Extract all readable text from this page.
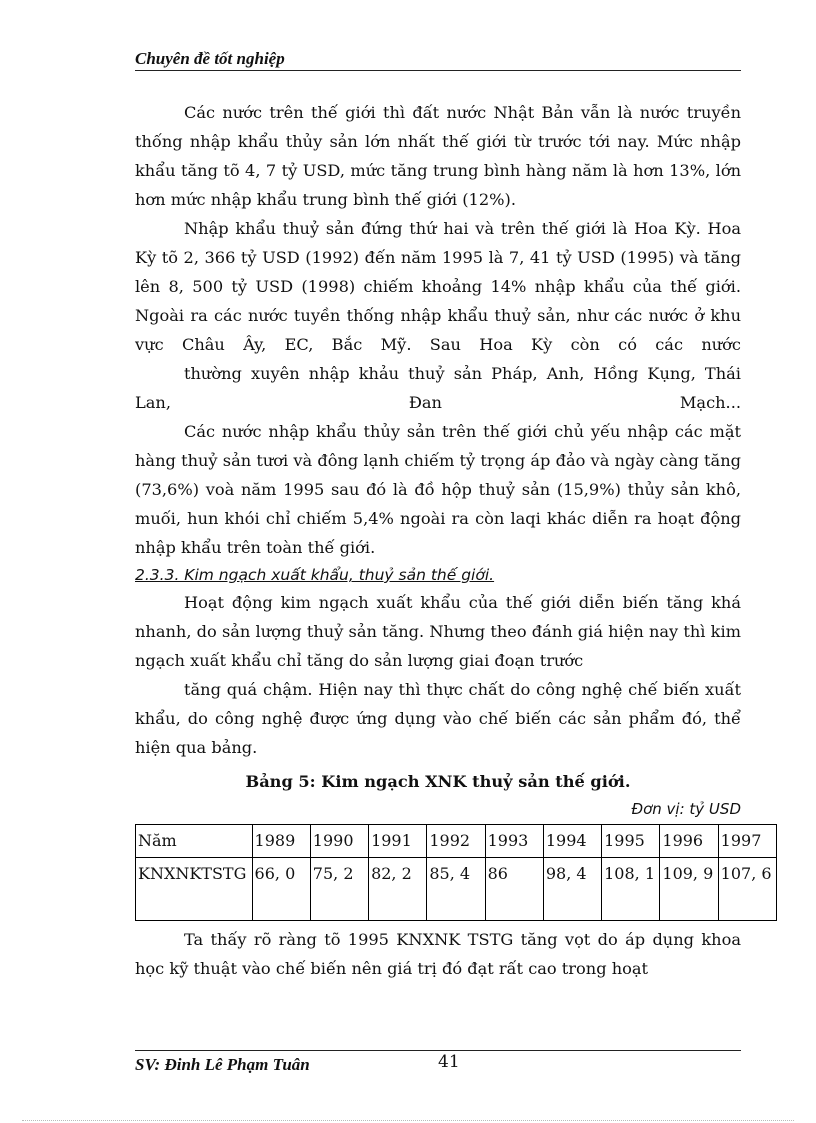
Chuyên đề tốt nghiệp

Các nước trên thế giới thì đất nước Nhật Bản vẫn là nước truyền thống nhập khẩu thủy sản lớn nhất thế giới từ trước tới nay. Mức nhập khẩu tăng tõ 4, 7 tỷ USD, mức tăng trung bình hàng năm là hơn 13%, lớn hơn mức nhập khẩu trung bình thế giới (12%).

Nhập khẩu thuỷ sản đứng thứ hai và trên thế giới là Hoa Kỳ. Hoa Kỳ tõ 2, 366 tỷ USD (1992) đến năm 1995 là 7, 41 tỷ USD (1995) và tăng lên 8, 500 tỷ USD (1998) chiếm khoảng 14% nhập khẩu của thế giới. Ngoài ra các nước tuyền thống nhập khẩu thuỷ sản, như các nước ở khu vực Châu Ây, EC, Bắc Mỹ. Sau Hoa Kỳ còn có các nước

thường xuyên nhập khảu thuỷ sản Pháp, Anh, Hồng Kụng, Thái Lan, Đan Mạch...

Các nước nhập khẩu thủy sản trên thế giới chủ yếu nhập các mặt hàng thuỷ sản tươi và đông lạnh chiếm tỷ trọng áp đảo và ngày càng tăng (73,6%) voà năm 1995 sau đó là đồ hộp thuỷ sản (15,9%) thủy sản khô, muối, hun khói chỉ chiếm 5,4% ngoài ra còn laqi khác diễn ra hoạt động nhập khẩu trên toàn thế giới.

2.3.3. Kim ngạch xuất khẩu, thuỷ sản thế giới.

Hoạt động kim ngạch xuất khẩu của thế giới diễn biến tăng khá nhanh, do sản lượng thuỷ sản tăng. Nhưng theo đánh giá hiện nay thì kim ngạch xuất khẩu chỉ tăng do sản lượng giai đoạn trước

tăng quá chậm. Hiện nay thì thực chất do công nghệ chế biến xuất khẩu, do công nghệ được ứng dụng vào chế biến các sản phẩm đó, thể hiện qua bảng.

Bảng 5: Kim ngạch XNK thuỷ sản thế giới.

Đơn vị: tỷ USD

Năm	1989	1990	1991	1992	1993	1994	1995	1996	1997
KNXNKTSTG	66, 0	75, 2	82, 2	85, 4	86	98, 4	108, 1	109, 9	107, 6

Ta thấy rõ ràng tõ 1995 KNXNK TSTG tăng vọt do áp dụng khoa học kỹ thuật vào chế biến nên giá trị đó đạt rất cao trong hoạt

SV: Đinh Lê Phạm Tuân	41
